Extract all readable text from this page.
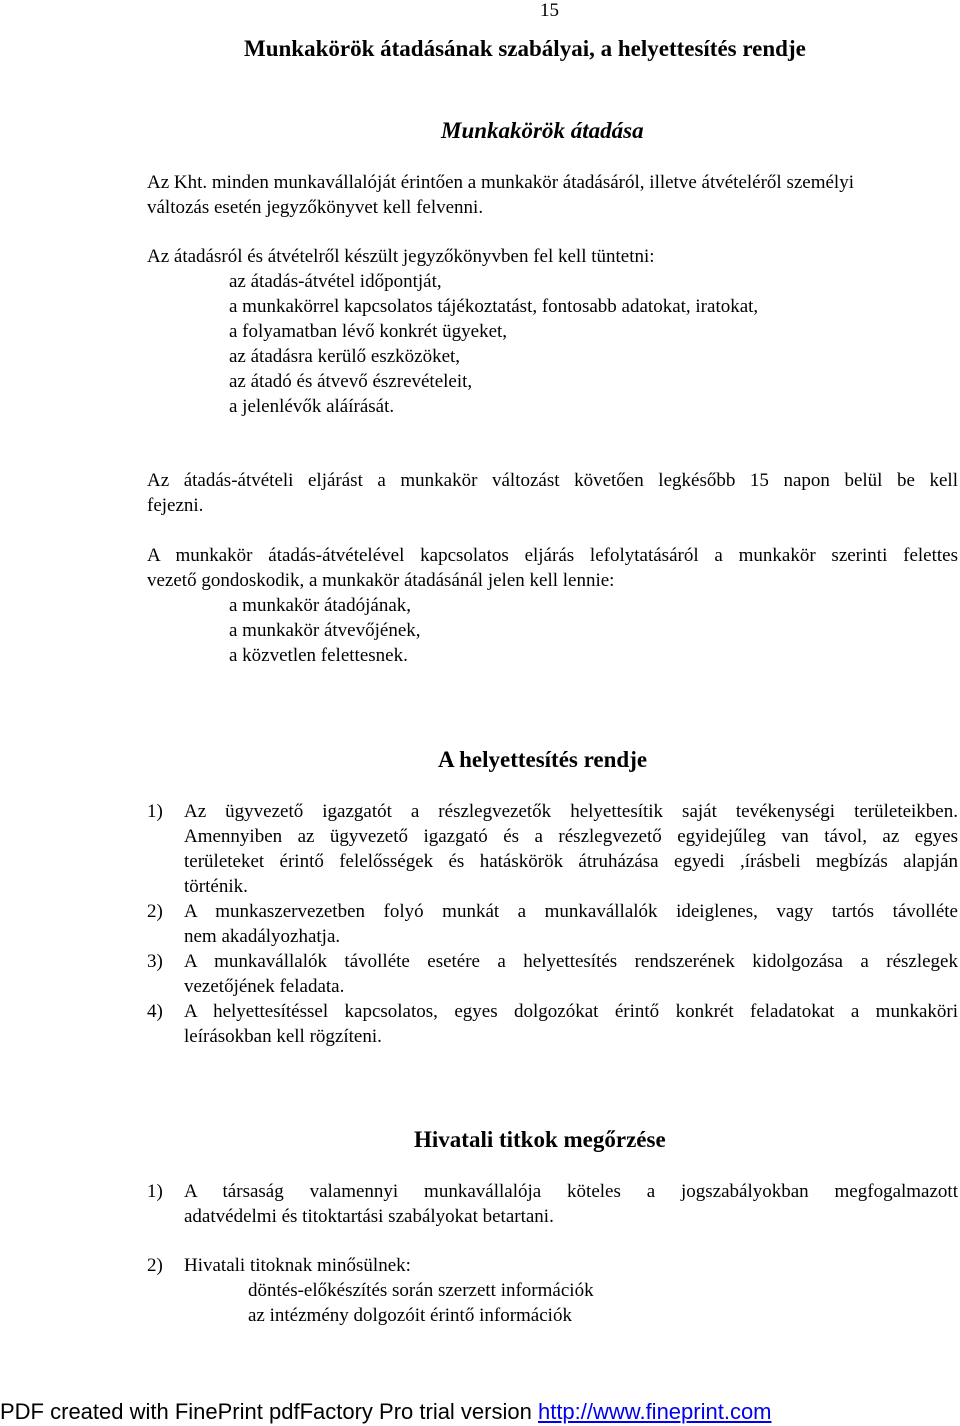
15
Munkakörök átadásának szabályai, a helyettesítés rendje
Munkakörök átadása
Az Kht. minden munkavállalóját érintően a munkakör átadásáról, illetve átvételéről személyi
változás esetén jegyzőkönyvet kell felvenni.
Az átadásról és átvételről készült jegyzőkönyvben fel kell tüntetni:
az átadás-átvétel időpontját,
a munkakörrel kapcsolatos tájékoztatást, fontosabb adatokat, iratokat,
a folyamatban lévő konkrét ügyeket,
az átadásra kerülő eszközöket,
az átadó és átvevő észrevételeit,
a jelenlévők aláírását.
Az átadás-átvételi eljárást a munkakör változást követően legkésőbb 15 napon belül be kell
fejezni.
A munkakör átadás-átvételével kapcsolatos eljárás lefolytatásáról a munkakör szerinti felettes
vezető gondoskodik, a munkakör átadásánál jelen kell lennie:
a munkakör átadójának,
a munkakör átvevőjének,
a közvetlen felettesnek.
A helyettesítés rendje
1)	Az ügyvezető igazgatót a részlegvezetők helyettesítik saját tevékenységi területeikben.
Amennyiben az ügyvezető igazgató és a részlegvezető egyidejűleg van távol, az egyes
területeket érintő felelősségek és hatáskörök átruházása egyedi ,írásbeli megbízás alapján
történik.
2)	A munkaszervezetben folyó munkát a munkavállalók ideiglenes, vagy tartós távolléte
nem akadályozhatja.
3)	A munkavállalók távolléte esetére a helyettesítés rendszerének kidolgozása a részlegek
vezetőjének feladata.
4)	A helyettesítéssel kapcsolatos, egyes dolgozókat érintő konkrét feladatokat a munkaköri
leírásokban kell rögzíteni.
Hivatali titkok megőrzése
1)	A társaság valamennyi munkavállalója köteles a jogszabályokban megfogalmazott
adatvédelmi és titoktartási szabályokat betartani.
2)	Hivatali titoknak minősülnek:
döntés-előkészítés során szerzett információk
az intézmény dolgozóit érintő információk
PDF created with FinePrint pdfFactory Pro trial version http://www.fineprint.com
